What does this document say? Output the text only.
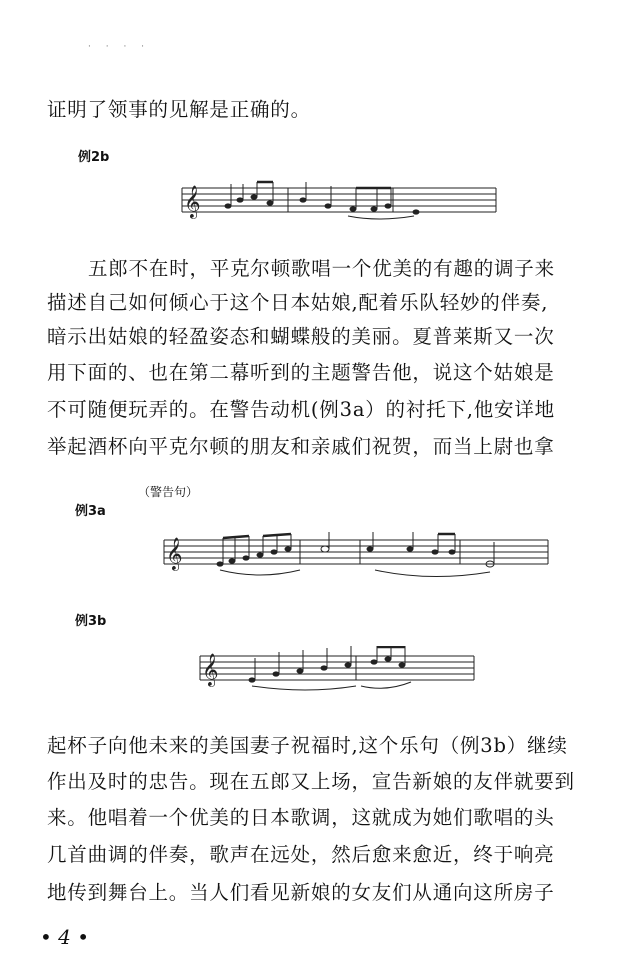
· · · ·
证明了领事的见解是正确的。
例2b
𝄞
五郎不在时，平克尔顿歌唱一个优美的有趣的调子来
描述自己如何倾心于这个日本姑娘,配着乐队轻妙的伴奏,
暗示出姑娘的轻盈姿态和蝴蝶般的美丽。夏普莱斯又一次
用下面的、也在第二幕听到的主题警告他，说这个姑娘是
不可随便玩弄的。在警告动机(例3a）的衬托下,他安详地
举起酒杯向平克尔顿的朋友和亲戚们祝贺，而当上尉也拿
（警告句）
例3a
𝄞
例3b
𝄞
起杯子向他未来的美国妻子祝福时,这个乐句（例3b）继续
作出及时的忠告。现在五郎又上场，宣告新娘的友伴就要到
来。他唱着一个优美的日本歌调，这就成为她们歌唱的头
几首曲调的伴奏，歌声在远处，然后愈来愈近，终于响亮
地传到舞台上。当人们看见新娘的女友们从通向这所房子
• 4 •
